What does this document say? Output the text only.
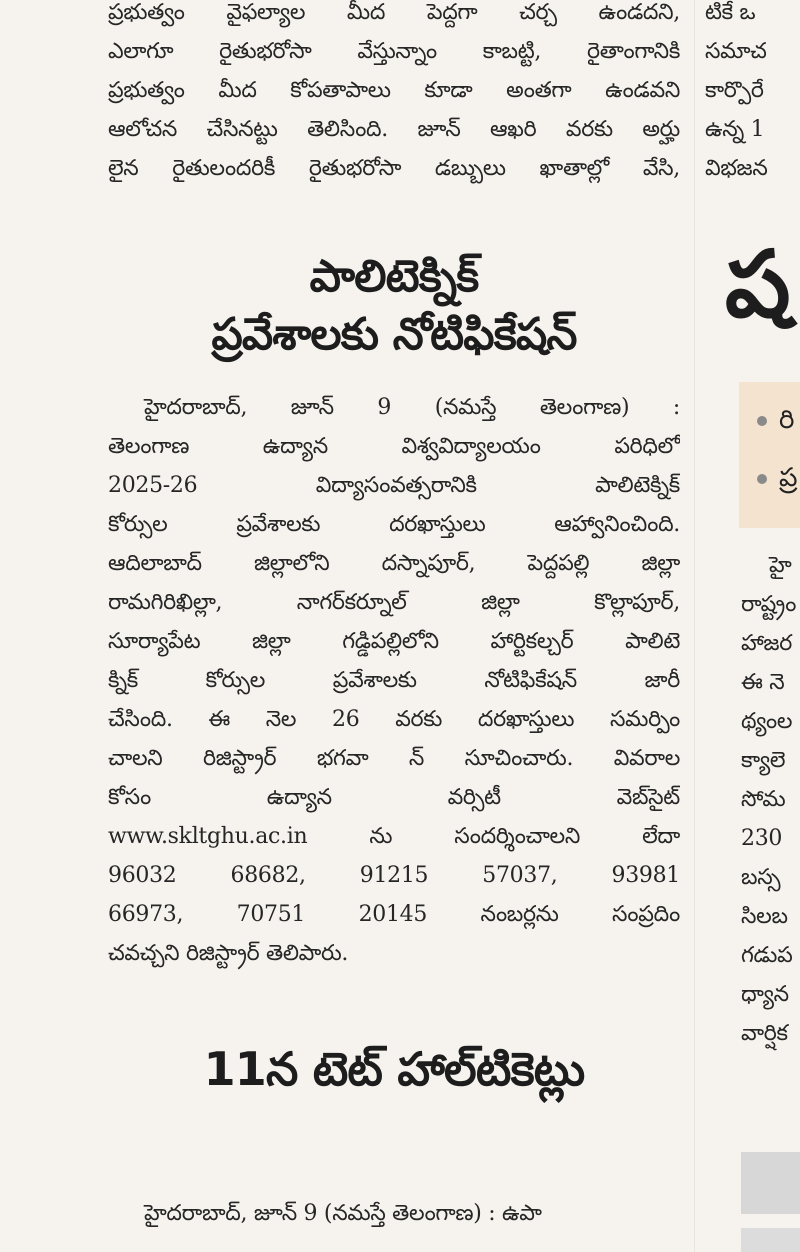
ప్రభుత్వం వైఫల్యాల మీద పెద్దగా చర్చ ఉండదని,
ఎలాగూ రైతుభరోసా వేస్తున్నాం కాబట్టి, రైతాంగానికి
ప్రభుత్వం మీద కోపతాపాలు కూడా అంతగా ఉండవని
ఆలోచన చేసినట్టు తెలిసింది. జూన్ ఆఖరి వరకు అర్హు
లైన రైతులందరికీ రైతుభరోసా డబ్బులు ఖాతాల్లో వేసి,
పాలిటెక్నిక్
ప్రవేశాలకు నోటిఫికేషన్
హైదరాబాద్, జూన్ 9 (నమస్తే తెలంగాణ) :
తెలంగాణ ఉద్యాన విశ్వవిద్యాలయం పరిధిలో
2025-26 విద్యాసంవత్సరానికి పాలిటెక్నిక్
కోర్సుల ప్రవేశాలకు దరఖాస్తులు ఆహ్వానించింది.
ఆదిలాబాద్ జిల్లాలోని దస్నాపూర్, పెద్దపల్లి జిల్లా
రామగిరిఖిల్లా, నాగర్‌కర్నూల్ జిల్లా కొల్లాపూర్,
సూర్యాపేట జిల్లా గడ్డిపల్లిలోని హార్టికల్చర్ పాలిటె
క్నిక్ కోర్సుల ప్రవేశాలకు నోటిఫికేషన్ జారీ
చేసింది. ఈ నెల 26 వరకు దరఖాస్తులు సమర్పిం
చాలని రిజిస్ట్రార్ భగవా న్ సూచించారు. వివరాల
కోసం ఉద్యాన వర్సిటీ వెబ్‌సైట్
www.skltghu.ac.in ను సందర్శించాలని లేదా
96032 68682, 91215 57037, 93981
66973, 70751 20145 నంబర్లను సంప్రదిం
చవచ్చని రిజిస్ట్రార్ తెలిపారు.
11న టెట్ హాల్‌టికెట్లు
హైదరాబాద్, జూన్ 9 (నమస్తే తెలంగాణ) : ఉపా
టికే ఒ
సమాచ
కార్పొరే
ఉన్న 1
విభజన
ష
రి
ప్ర
హై
రాష్ట్రం
హాజర
ఈ నె
థ్యంల
క్యాలె
సోమ
230
బస్స
సిలబ
గడుప
ధ్యాన
వార్షిక
